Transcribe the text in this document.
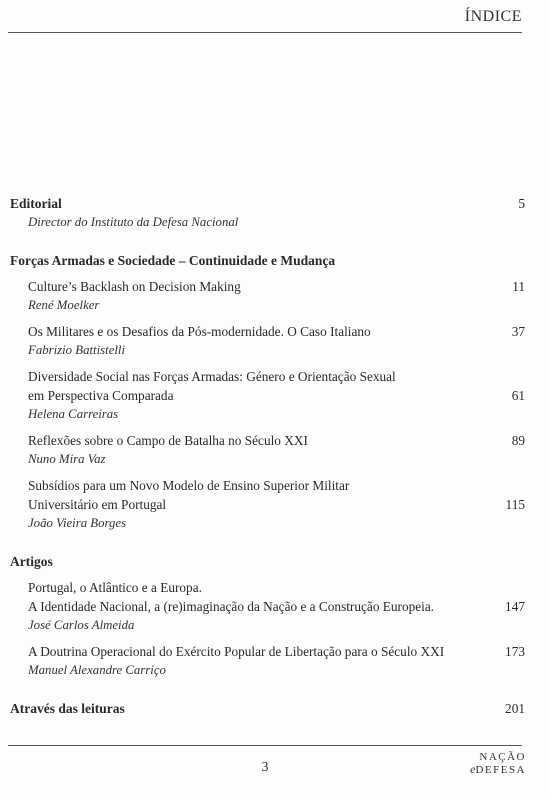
ÍNDICE
Editorial
Director do Instituto da Defesa Nacional
5
Forças Armadas e Sociedade – Continuidade e Mudança
Culture’s Backlash on Decision Making
René Moelker
11
Os Militares e os Desafios da Pós-modernidade. O Caso Italiano
Fabrizio Battistelli
37
Diversidade Social nas Forças Armadas: Género e Orientação Sexual
em Perspectiva Comparada
Helena Carreiras
61
Reflexões sobre o Campo de Batalha no Século XXI
Nuno Mira Vaz
89
Subsídios para um Novo Modelo de Ensino Superior Militar
Universitário em Portugal
João Vieira Borges
115
Artigos
Portugal, o Atlântico e a Europa.
A Identidade Nacional, a (re)imaginação da Nação e a Construção Europeia.
José Carlos Almeida
147
A Doutrina Operacional do Exército Popular de Libertação para o Século XXI
Manuel Alexandre Carriço
173
Através das leituras	201
3
NAÇÃO
eDEFESA
